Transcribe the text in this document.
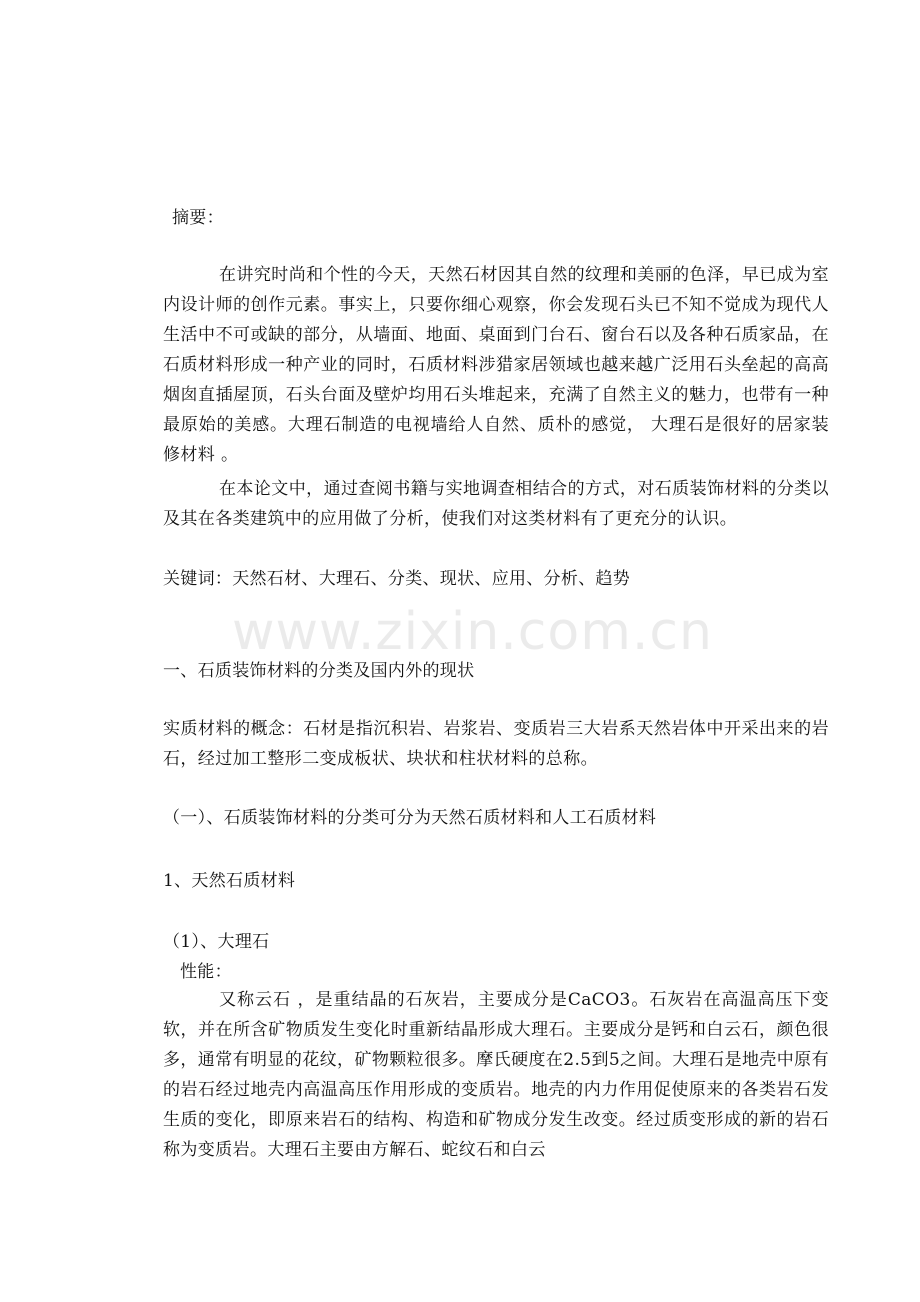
www.zixin.com.cn
摘要：
在讲究时尚和个性的今天，天然石材因其自然的纹理和美丽的色泽，早已成为室内设计师的创作元素。事实上，只要你细心观察，你会发现石头已不知不觉成为现代人生活中不可或缺的部分，从墙面、地面、桌面到门台石、窗台石以及各种石质家品，在石质材料形成一种产业的同时，石质材料涉猎家居领域也越来越广泛用石头垒起的高高烟囱直插屋顶，石头台面及壁炉均用石头堆起来，充满了自然主义的魅力，也带有一种最原始的美感。大理石制造的电视墙给人自然、质朴的感觉， 大理石是很好的居家装修材料 。
在本论文中，通过查阅书籍与实地调查相结合的方式，对石质装饰材料的分类以及其在各类建筑中的应用做了分析，使我们对这类材料有了更充分的认识。
关键词：天然石材、大理石、分类、现状、应用、分析、趋势
一、石质装饰材料的分类及国内外的现状
实质材料的概念：石材是指沉积岩、岩浆岩、变质岩三大岩系天然岩体中开采出来的岩石，经过加工整形二变成板状、块状和柱状材料的总称。
（一）、石质装饰材料的分类可分为天然石质材料和人工石质材料
1、天然石质材料
（1）、大理石
性能：
又称云石 ，是重结晶的石灰岩，主要成分是CaCO3。石灰岩在高温高压下变软，并在所含矿物质发生变化时重新结晶形成大理石。主要成分是钙和白云石，颜色很多，通常有明显的花纹，矿物颗粒很多。摩氏硬度在2.5到5之间。大理石是地壳中原有的岩石经过地壳内高温高压作用形成的变质岩。地壳的内力作用促使原来的各类岩石发生质的变化，即原来岩石的结构、构造和矿物成分发生改变。经过质变形成的新的岩石称为变质岩。大理石主要由方解石、蛇纹石和白云
